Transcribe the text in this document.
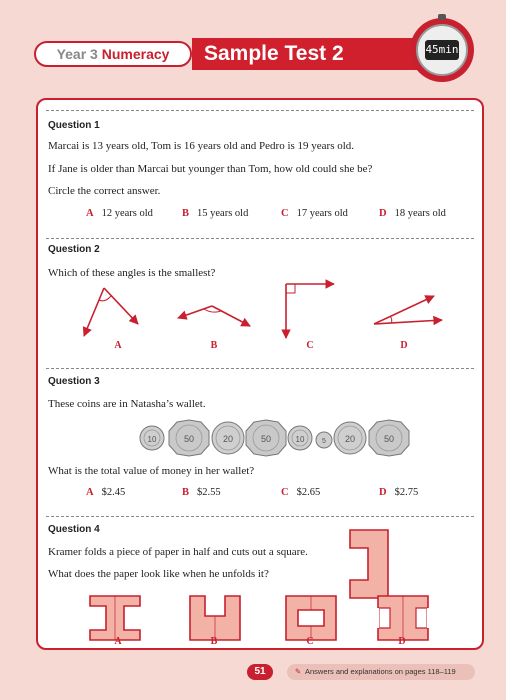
Year 3 Numeracy	Sample Test 2	45min
Question 1
Marcai is 13 years old, Tom is 16 years old and Pedro is 19 years old.
If Jane is older than Marcai but younger than Tom, how old could she be?
Circle the correct answer.
A 12 years old	B 15 years old	C 17 years old	D 18 years old
Question 2
Which of these angles is the smallest?
A	B	C	D
Question 3
These coins are in Natasha’s wallet.
10	50	20	50	10	5 20	50
What is the total value of money in her wallet?
A $2.45	B $2.55	C $2.65	D $2.75
Question 4
Kramer folds a piece of paper in half and cuts out a square.
What does the paper look like when he unfolds it?
A	B	C	D
51	✎ Answers and explanations on pages 118–119
